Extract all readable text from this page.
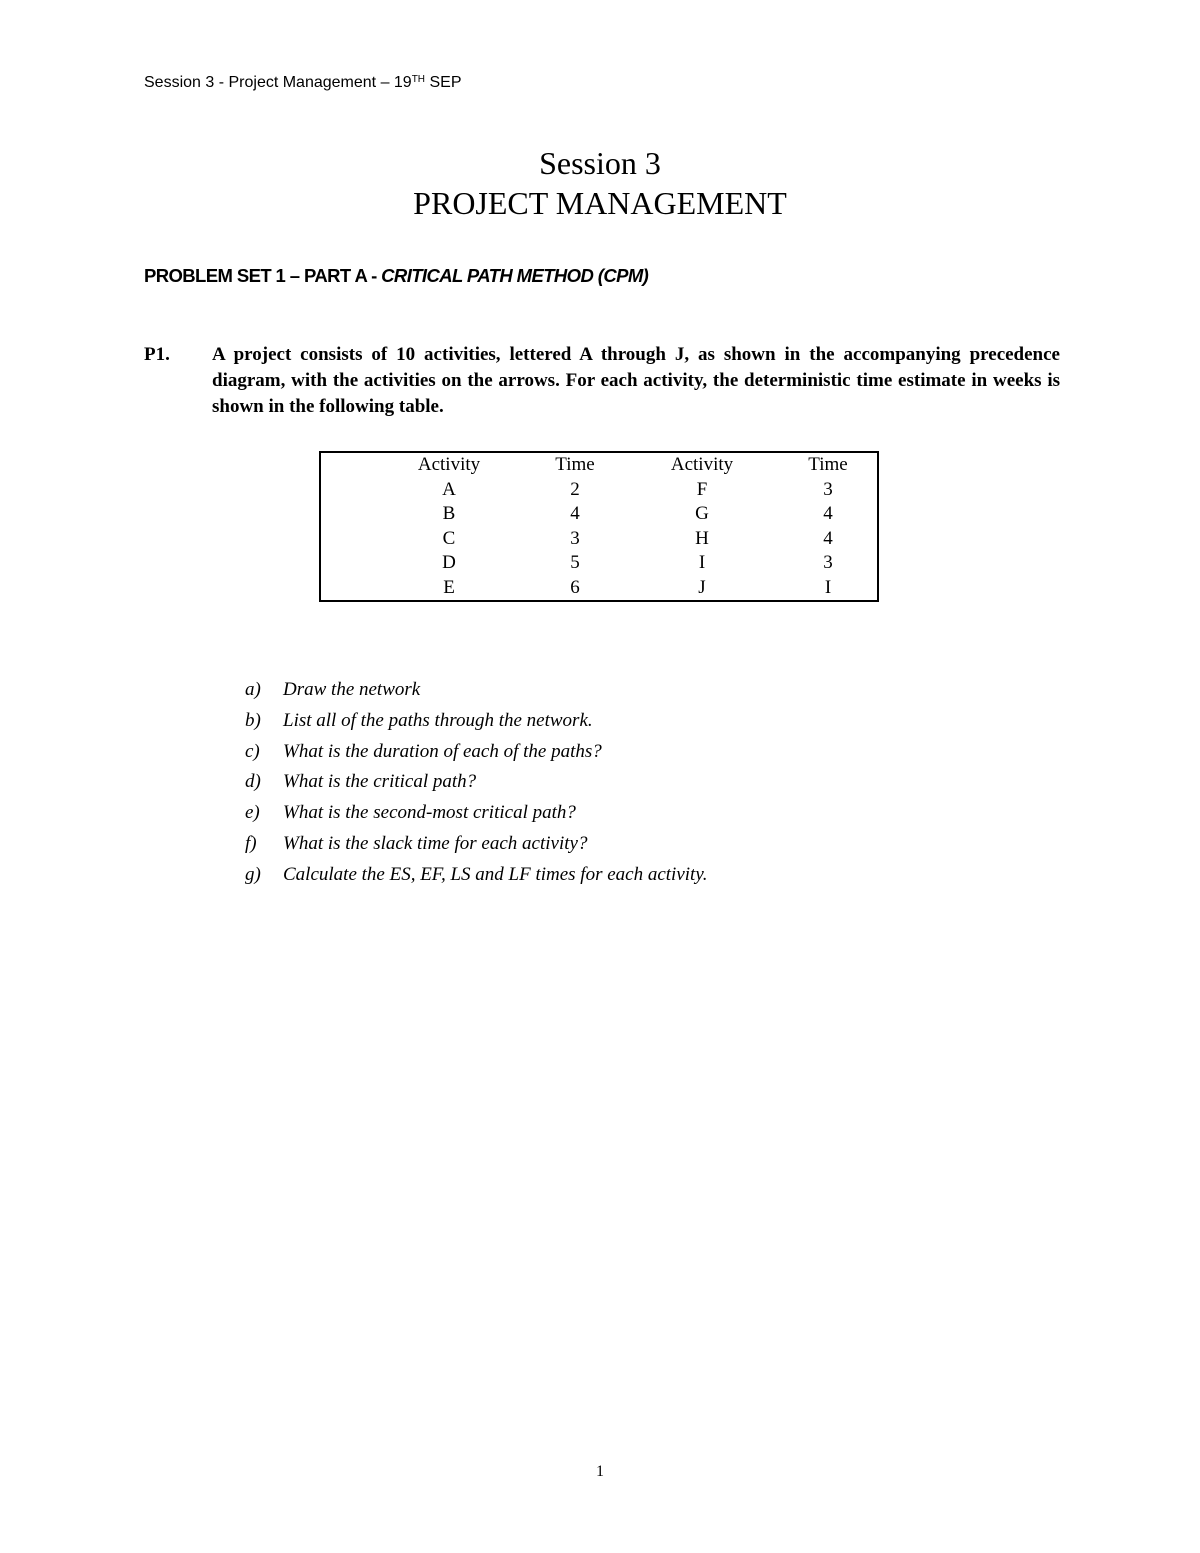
Session 3 - Project Management – 19TH SEP
Session 3
PROJECT MANAGEMENT
PROBLEM SET 1 – PART A - CRITICAL PATH METHOD (CPM)
P1. A project consists of 10 activities, lettered A through J, as shown in the accompanying precedence diagram, with the activities on the arrows. For each activity, the deterministic time estimate in weeks is shown in the following table.
	Activity	Time	Activity	Time
	A	2	F	3
	B	4	G	4
	C	3	H	4
	D	5	I	3
	E	6	J	I
a) Draw the network
b) List all of the paths through the network.
c) What is the duration of each of the paths?
d) What is the critical path?
e) What is the second-most critical path?
f) What is the slack time for each activity?
g) Calculate the ES, EF, LS and LF times for each activity.
1
